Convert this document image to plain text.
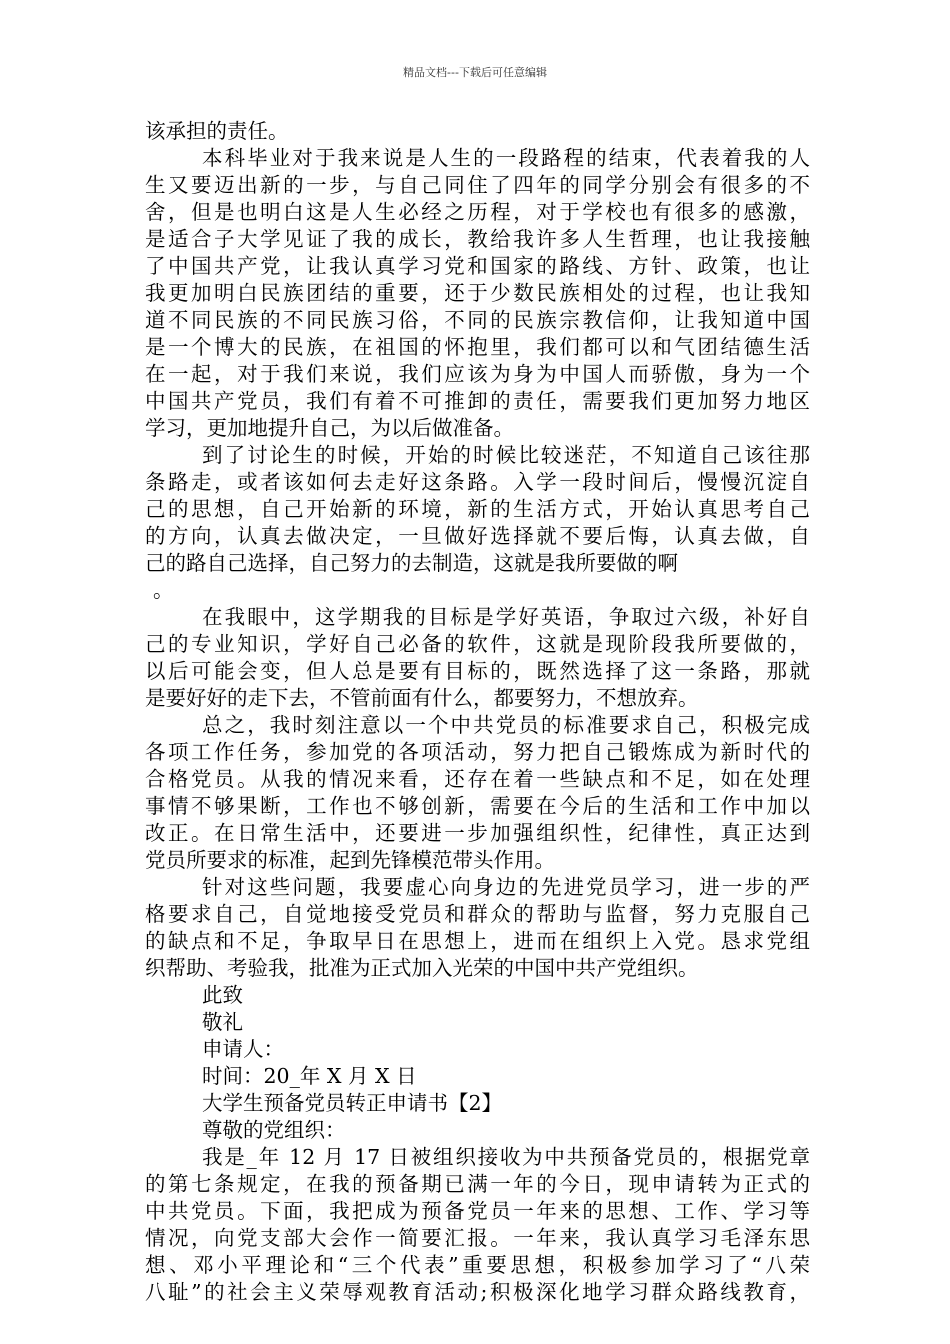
精品文档---下载后可任意编辑
该承担的责任。
本科毕业对于我来说是人生的一段路程的结束，代表着我的人
生又要迈出新的一步，与自己同住了四年的同学分别会有很多的不
舍，但是也明白这是人生必经之历程，对于学校也有很多的感激，
是适合子大学见证了我的成长，教给我许多人生哲理，也让我接触
了中国共产党，让我认真学习党和国家的路线、方针、政策，也让
我更加明白民族团结的重要，还于少数民族相处的过程，也让我知
道不同民族的不同民族习俗，不同的民族宗教信仰，让我知道中国
是一个博大的民族，在祖国的怀抱里，我们都可以和气团结德生活
在一起，对于我们来说，我们应该为身为中国人而骄傲，身为一个
中国共产党员，我们有着不可推卸的责任，需要我们更加努力地区
学习，更加地提升自己，为以后做准备。
到了讨论生的时候，开始的时候比较迷茫，不知道自己该往那
条路走，或者该如何去走好这条路。入学一段时间后，慢慢沉淀自
己的思想，自己开始新的环境，新的生活方式，开始认真思考自己
的方向，认真去做决定，一旦做好选择就不要后悔，认真去做，自
己的路自己选择，自己努力的去制造，这就是我所要做的啊
。
在我眼中，这学期我的目标是学好英语，争取过六级，补好自
己的专业知识，学好自己必备的软件，这就是现阶段我所要做的，
以后可能会变，但人总是要有目标的，既然选择了这一条路，那就
是要好好的走下去，不管前面有什么，都要努力，不想放弃。
总之，我时刻注意以一个中共党员的标准要求自己，积极完成
各项工作任务，参加党的各项活动，努力把自己锻炼成为新时代的
合格党员。从我的情况来看，还存在着一些缺点和不足，如在处理
事情不够果断，工作也不够创新，需要在今后的生活和工作中加以
改正。在日常生活中，还要进一步加强组织性，纪律性，真正达到
党员所要求的标准，起到先锋模范带头作用。
针对这些问题，我要虚心向身边的先进党员学习，进一步的严
格要求自己，自觉地接受党员和群众的帮助与监督，努力克服自己
的缺点和不足，争取早日在思想上，进而在组织上入党。恳求党组
织帮助、考验我，批准为正式加入光荣的中国中共产党组织。
此致
敬礼
申请人：
时间：20_年 X 月 X 日
大学生预备党员转正申请书【2】
尊敬的党组织：
我是_年 12 月 17 日被组织接收为中共预备党员的，根据党章
的第七条规定，在我的预备期已满一年的今日，现申请转为正式的
中共党员。下面，我把成为预备党员一年来的思想、工作、学习等
情况，向党支部大会作一简要汇报。一年来，我认真学习毛泽东思
想、邓小平理论和“三个代表”重要思想，积极参加学习了“八荣
八耻”的社会主义荣辱观教育活动;积极深化地学习群众路线教育，
